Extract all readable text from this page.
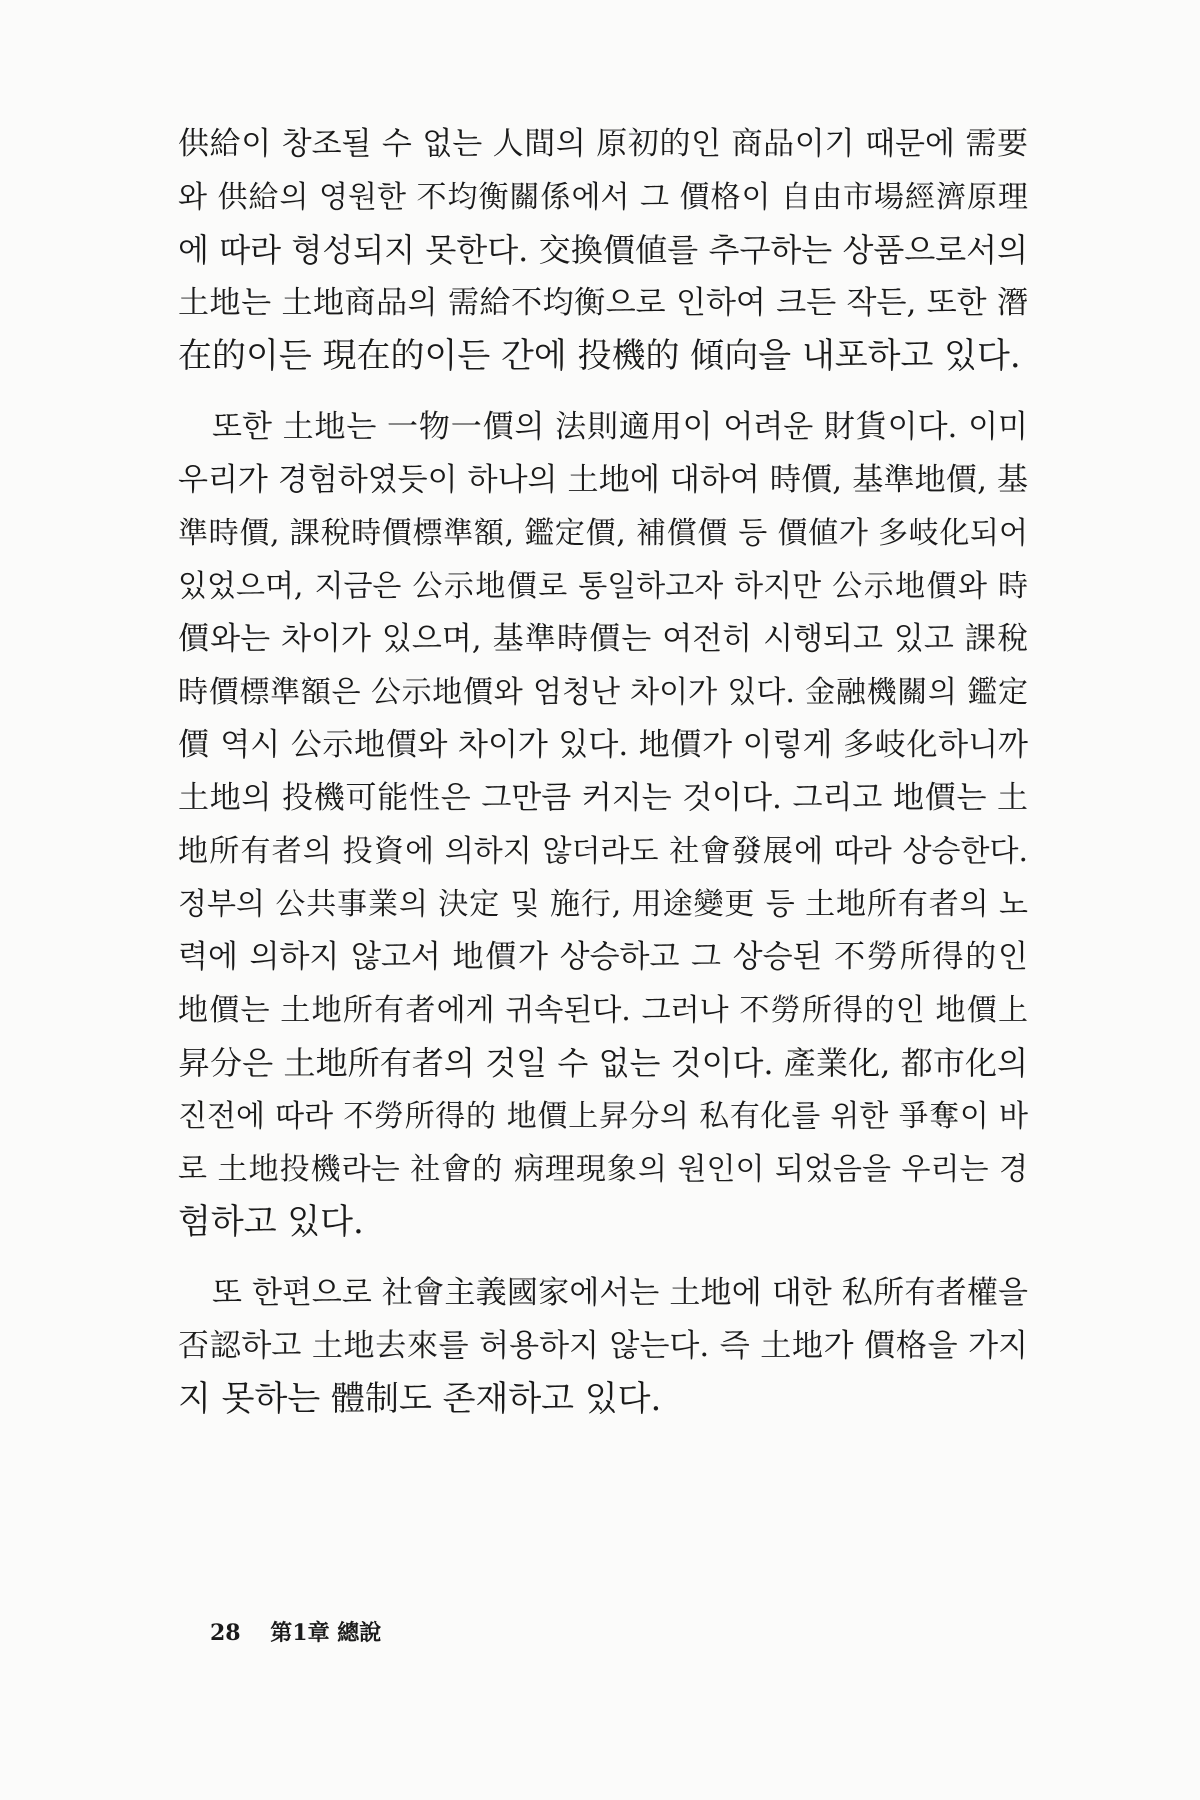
供給이 창조될 수 없는 人間의 原初的인 商品이기 때문에 需要
와 供給의 영원한 不均衡關係에서 그 價格이 自由市場經濟原理
에 따라 형성되지 못한다. 交換價値를 추구하는 상품으로서의
土地는 土地商品의 需給不均衡으로 인하여 크든 작든, 또한 潛
在的이든 現在的이든 간에 投機的 傾向을 내포하고 있다.
또한 土地는 一物一價의 法則適用이 어려운 財貨이다. 이미
우리가 경험하였듯이 하나의 土地에 대하여 時價, 基準地價, 基
準時價, 課稅時價標準額, 鑑定價, 補償價 등 價値가 多岐化되어
있었으며, 지금은 公示地價로 통일하고자 하지만 公示地價와 時
價와는 차이가 있으며, 基準時價는 여전히 시행되고 있고 課稅
時價標準額은 公示地價와 엄청난 차이가 있다. 金融機關의 鑑定
價 역시 公示地價와 차이가 있다. 地價가 이렇게 多岐化하니까
土地의 投機可能性은 그만큼 커지는 것이다. 그리고 地價는 土
地所有者의 投資에 의하지 않더라도 社會發展에 따라 상승한다.
정부의 公共事業의 決定 및 施行, 用途變更 등 土地所有者의 노
력에 의하지 않고서 地價가 상승하고 그 상승된 不勞所得的인
地價는 土地所有者에게 귀속된다. 그러나 不勞所得的인 地價上
昇分은 土地所有者의 것일 수 없는 것이다. 產業化, 都市化의
진전에 따라 不勞所得的 地價上昇分의 私有化를 위한 爭奪이 바
로 土地投機라는 社會的 病理現象의 원인이 되었음을 우리는 경
험하고 있다.
또 한편으로 社會主義國家에서는 土地에 대한 私所有者權을
否認하고 土地去來를 허용하지 않는다. 즉 土地가 價格을 가지
지 못하는 體制도 존재하고 있다.
28 第1章 總說
